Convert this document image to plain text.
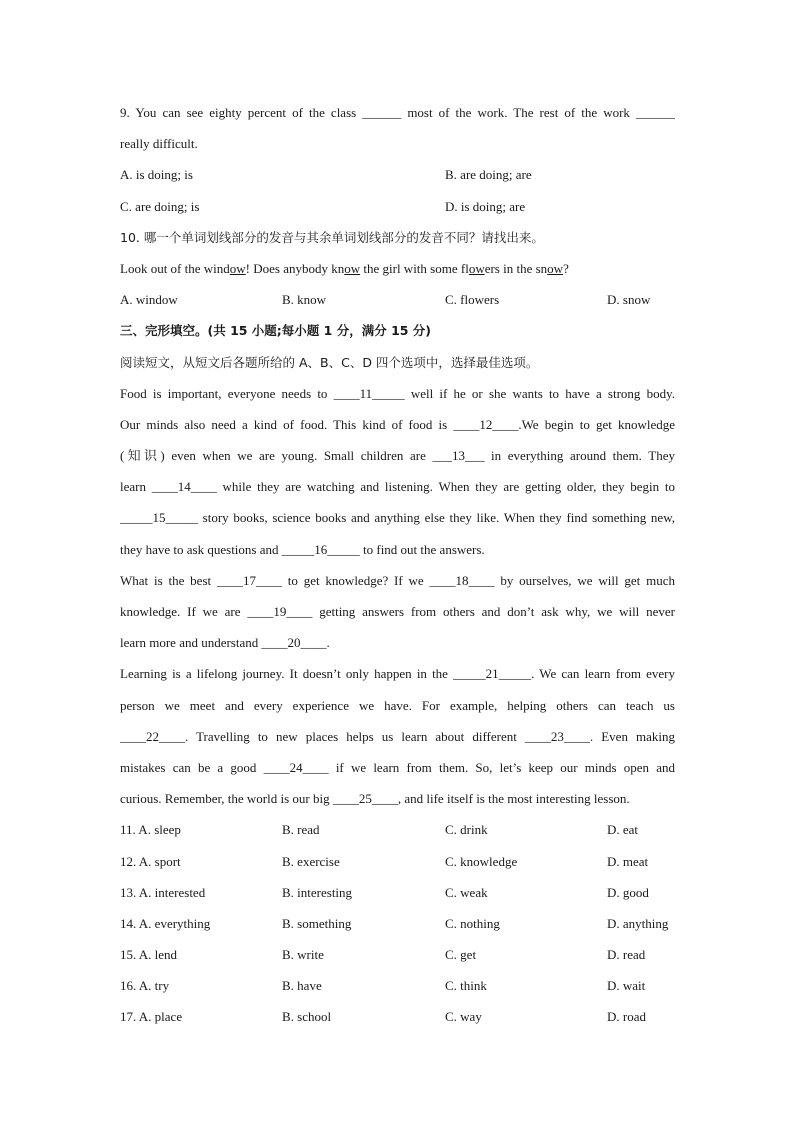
9. You can see eighty percent of the class ______ most of the work. The rest of the work ______
really difficult.
A. is doing; is	B. are doing; are
C. are doing; is	D. is doing; are
10. 哪一个单词划线部分的发音与其余单词划线部分的发音不同？请找出来。
Look out of the window! Does anybody know the girl with some flowers in the snow?
A. window	B. know	C. flowers	D. snow
三、完形填空。(共 15 小题;每小题 1 分，满分 15 分)
阅读短文，从短文后各题所给的 A、B、C、D 四个选项中，选择最佳选项。
Food is important, everyone needs to ____11_____ well if he or she wants to have a strong body.
Our minds also need a kind of food. This kind of food is ____12____.We begin to get knowledge
(知识) even when we are young. Small children are ___13___ in everything around them. They
learn ____14____ while they are watching and listening. When they are getting older, they begin to
_____15_____ story books, science books and anything else they like. When they find something new,
they have to ask questions and _____16_____ to find out the answers.
What is the best ____17____ to get knowledge? If we ____18____ by ourselves, we will get much
knowledge. If we are ____19____ getting answers from others and don’t ask why, we will never
learn more and understand ____20____.
Learning is a lifelong journey. It doesn’t only happen in the _____21_____. We can learn from every
person we meet and every experience we have. For example, helping others can teach us
____22____. Travelling to new places helps us learn about different ____23____. Even making
mistakes can be a good ____24____ if we learn from them. So, let’s keep our minds open and
curious. Remember, the world is our big ____25____, and life itself is the most interesting lesson.
11. A. sleep	B. read	C. drink	D. eat
12. A. sport	B. exercise	C. knowledge	D. meat
13. A. interested	B. interesting	C. weak	D. good
14. A. everything	B. something	C. nothing	D. anything
15. A. lend	B. write	C. get	D. read
16. A. try	B. have	C. think	D. wait
17. A. place	B. school	C. way	D. road
